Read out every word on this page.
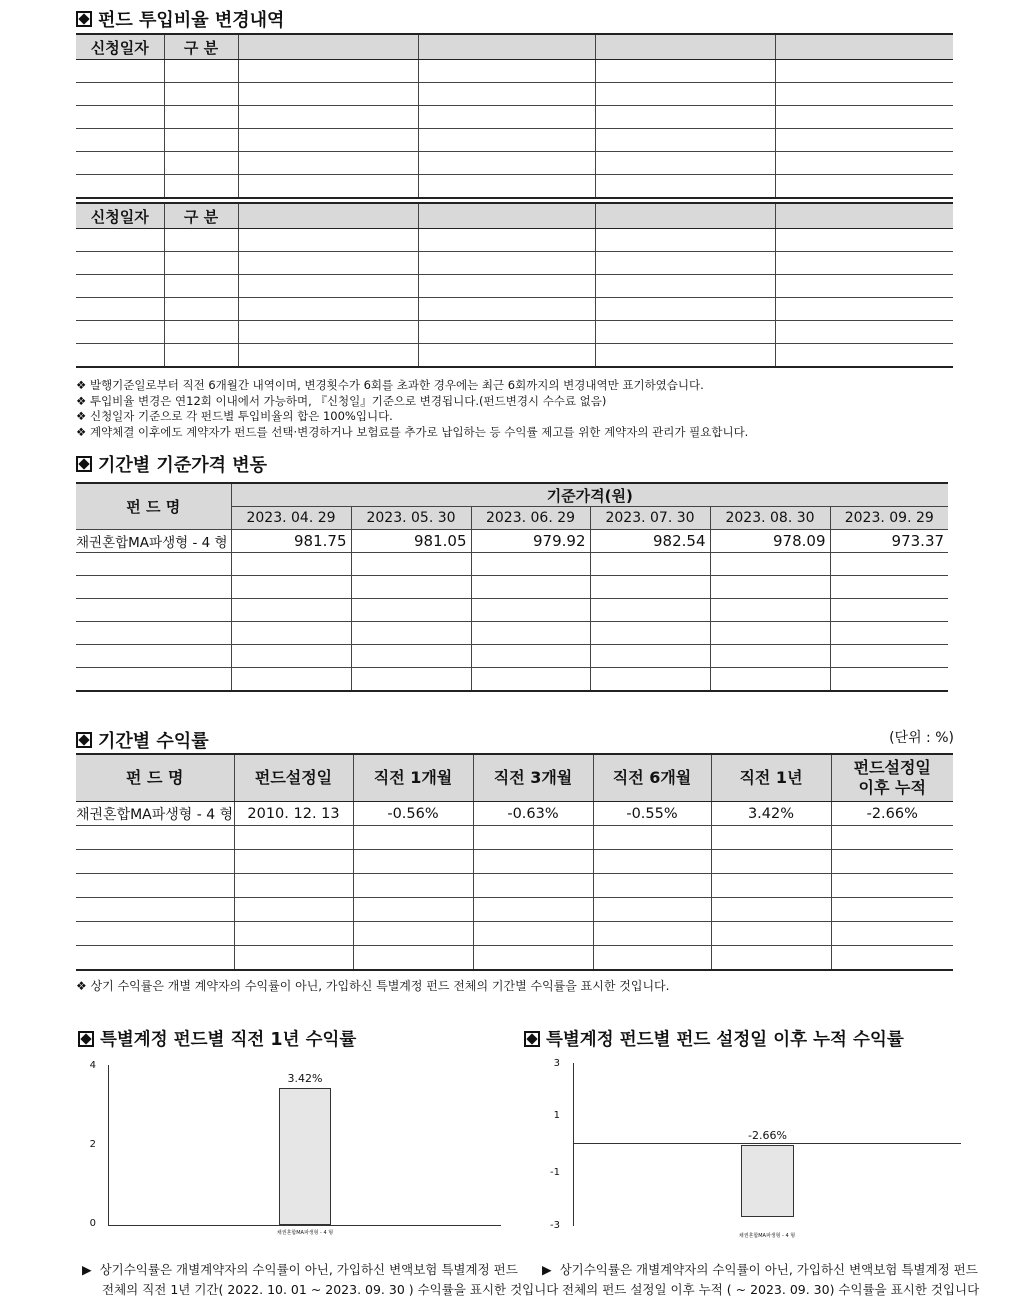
펀드 투입비율 변경내역
신청일자	구 분				

신청일자	구 분				

❖ 발행기준일로부터 직전 6개월간 내역이며, 변경횟수가 6회를 초과한 경우에는 최근 6회까지의 변경내역만 표기하였습니다.
❖ 투입비율 변경은 연12회 이내에서 가능하며, 『신청일』기준으로 변경됩니다.(펀드변경시 수수료 없음)
❖ 신청일자 기준으로 각 펀드별 투입비율의 합은 100%입니다.
❖ 계약체결 이후에도 계약자가 펀드를 선택·변경하거나 보험료를 추가로 납입하는 등 수익률 제고를 위한 계약자의 관리가 필요합니다.
기간별 기준가격 변동
펀 드 명	기준가격(원)					
	2023. 04. 29	2023. 05. 30	2023. 06. 29	2023. 07. 30	2023. 08. 30	2023. 09. 29
채권혼합MA파생형 - 4 형	981.75	981.05	979.92	982.54	978.09	973.37

기간별 수익률	(단위 : %)
펀 드 명	펀드설정일	직전 1개월	직전 3개월	직전 6개월	직전 1년	펀드설정일 이후 누적
채권혼합MA파생형 - 4 형	2010. 12. 13	-0.56%	-0.63%	-0.55%	3.42%	-2.66%

❖ 상기 수익률은 개별 계약자의 수익률이 아닌, 가입하신 특별계정 펀드 전체의 기간별 수익률을 표시한 것입니다.
특별계정 펀드별 직전 1년 수익률
4
2
0
3.42%
채권혼합MA파생형 - 4 형
▶ 상기수익률은 개별계약자의 수익률이 아닌, 가입하신 변액보험 특별계정 펀드
전체의 직전 1년 기간( 2022. 10. 01 ~ 2023. 09. 30 ) 수익률을 표시한 것입니다
특별계정 펀드별 펀드 설정일 이후 누적 수익률
3
1
-1
-3
-2.66%
채권혼합MA파생형 - 4 형
▶ 상기수익률은 개별계약자의 수익률이 아닌, 가입하신 변액보험 특별계정 펀드
전체의 펀드 설정일 이후 누적 ( ~ 2023. 09. 30) 수익률을 표시한 것입니다
